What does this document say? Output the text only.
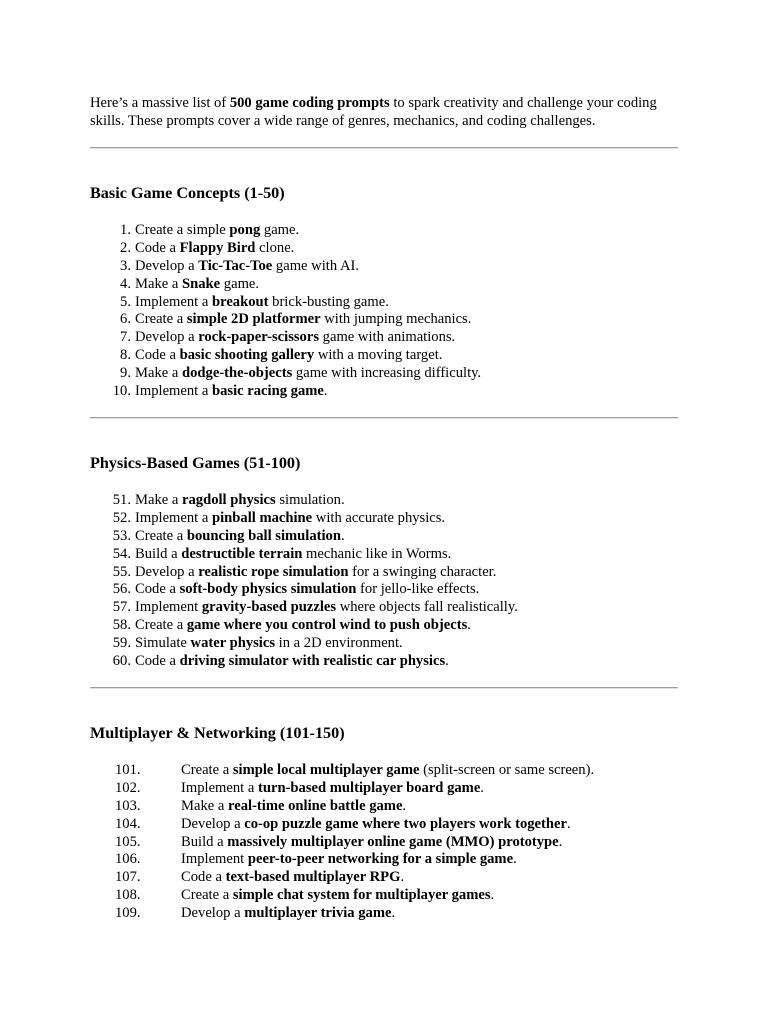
Here’s a massive list of 500 game coding prompts to spark creativity and challenge your coding skills. These prompts cover a wide range of genres, mechanics, and coding challenges.

Basic Game Concepts (1-50)
1. Create a simple pong game.
2. Code a Flappy Bird clone.
3. Develop a Tic-Tac-Toe game with AI.
4. Make a Snake game.
5. Implement a breakout brick-busting game.
6. Create a simple 2D platformer with jumping mechanics.
7. Develop a rock-paper-scissors game with animations.
8. Code a basic shooting gallery with a moving target.
9. Make a dodge-the-objects game with increasing difficulty.
10. Implement a basic racing game.
Physics-Based Games (51-100)
51. Make a ragdoll physics simulation.
52. Implement a pinball machine with accurate physics.
53. Create a bouncing ball simulation.
54. Build a destructible terrain mechanic like in Worms.
55. Develop a realistic rope simulation for a swinging character.
56. Code a soft-body physics simulation for jello-like effects.
57. Implement gravity-based puzzles where objects fall realistically.
58. Create a game where you control wind to push objects.
59. Simulate water physics in a 2D environment.
60. Code a driving simulator with realistic car physics.
Multiplayer & Networking (101-150)
101.	Create a simple local multiplayer game (split-screen or same screen).
102.	Implement a turn-based multiplayer board game.
103.	Make a real-time online battle game.
104.	Develop a co-op puzzle game where two players work together.
105.	Build a massively multiplayer online game (MMO) prototype.
106.	Implement peer-to-peer networking for a simple game.
107.	Code a text-based multiplayer RPG.
108.	Create a simple chat system for multiplayer games.
109.	Develop a multiplayer trivia game.
